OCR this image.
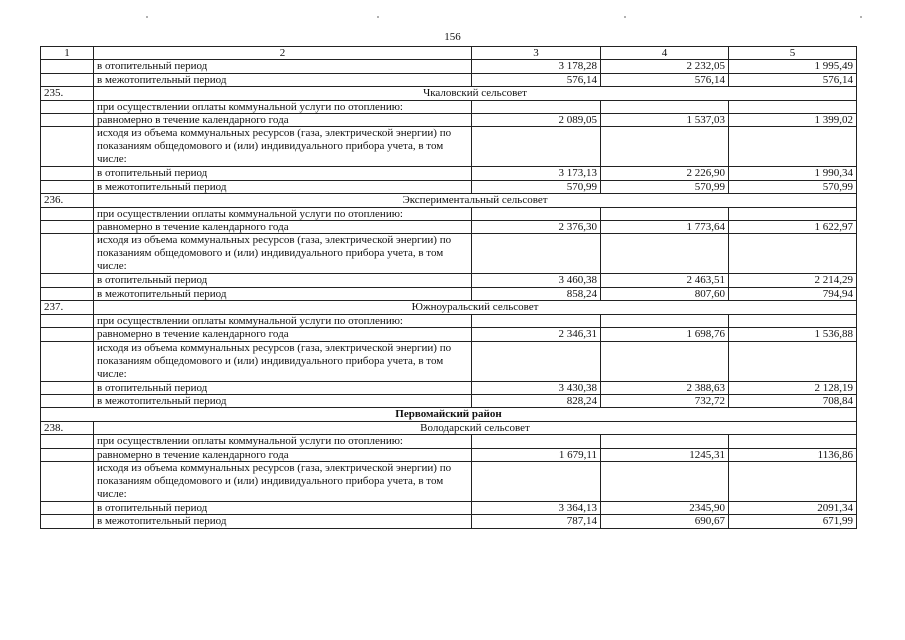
156
1	2	3	4	5
	в отопительный период	3 178,28	2 232,05	1 995,49
	в межотопительный период	576,14	576,14	576,14
235.	Чкаловский сельсовет			
	при осуществлении оплаты коммунальной услуги по отоплению:			
	равномерно в течение календарного года	2 089,05	1 537,03	1 399,02
	исходя из объема коммунальных ресурсов (газа, электрической энергии) по показаниям общедомового и (или) индивидуального прибора учета, в том числе:			
	в отопительный период	3 173,13	2 226,90	1 990,34
	в межотопительный период	570,99	570,99	570,99
236.	Экспериментальный сельсовет			
	при осуществлении оплаты коммунальной услуги по отоплению:			
	равномерно в течение календарного года	2 376,30	1 773,64	1 622,97
	исходя из объема коммунальных ресурсов (газа, электрической энергии) по показаниям общедомового и (или) индивидуального прибора учета, в том числе:			
	в отопительный период	3 460,38	2 463,51	2 214,29
	в межотопительный период	858,24	807,60	794,94
237.	Южноуральский сельсовет			
	при осуществлении оплаты коммунальной услуги по отоплению:			
	равномерно в течение календарного года	2 346,31	1 698,76	1 536,88
	исходя из объема коммунальных ресурсов (газа, электрической энергии) по показаниям общедомового и (или) индивидуального прибора учета, в том числе:			
	в отопительный период	3 430,38	2 388,63	2 128,19
	в межотопительный период	828,24	732,72	708,84
Первомайский район				
238.	Володарский сельсовет			
	при осуществлении оплаты коммунальной услуги по отоплению:			
	равномерно в течение календарного года	1 679,11	1245,31	1136,86
	исходя из объема коммунальных ресурсов (газа, электрической энергии) по показаниям общедомового и (или) индивидуального прибора учета, в том числе:			
	в отопительный период	3 364,13	2345,90	2091,34
	в межотопительный период	787,14	690,67	671,99
